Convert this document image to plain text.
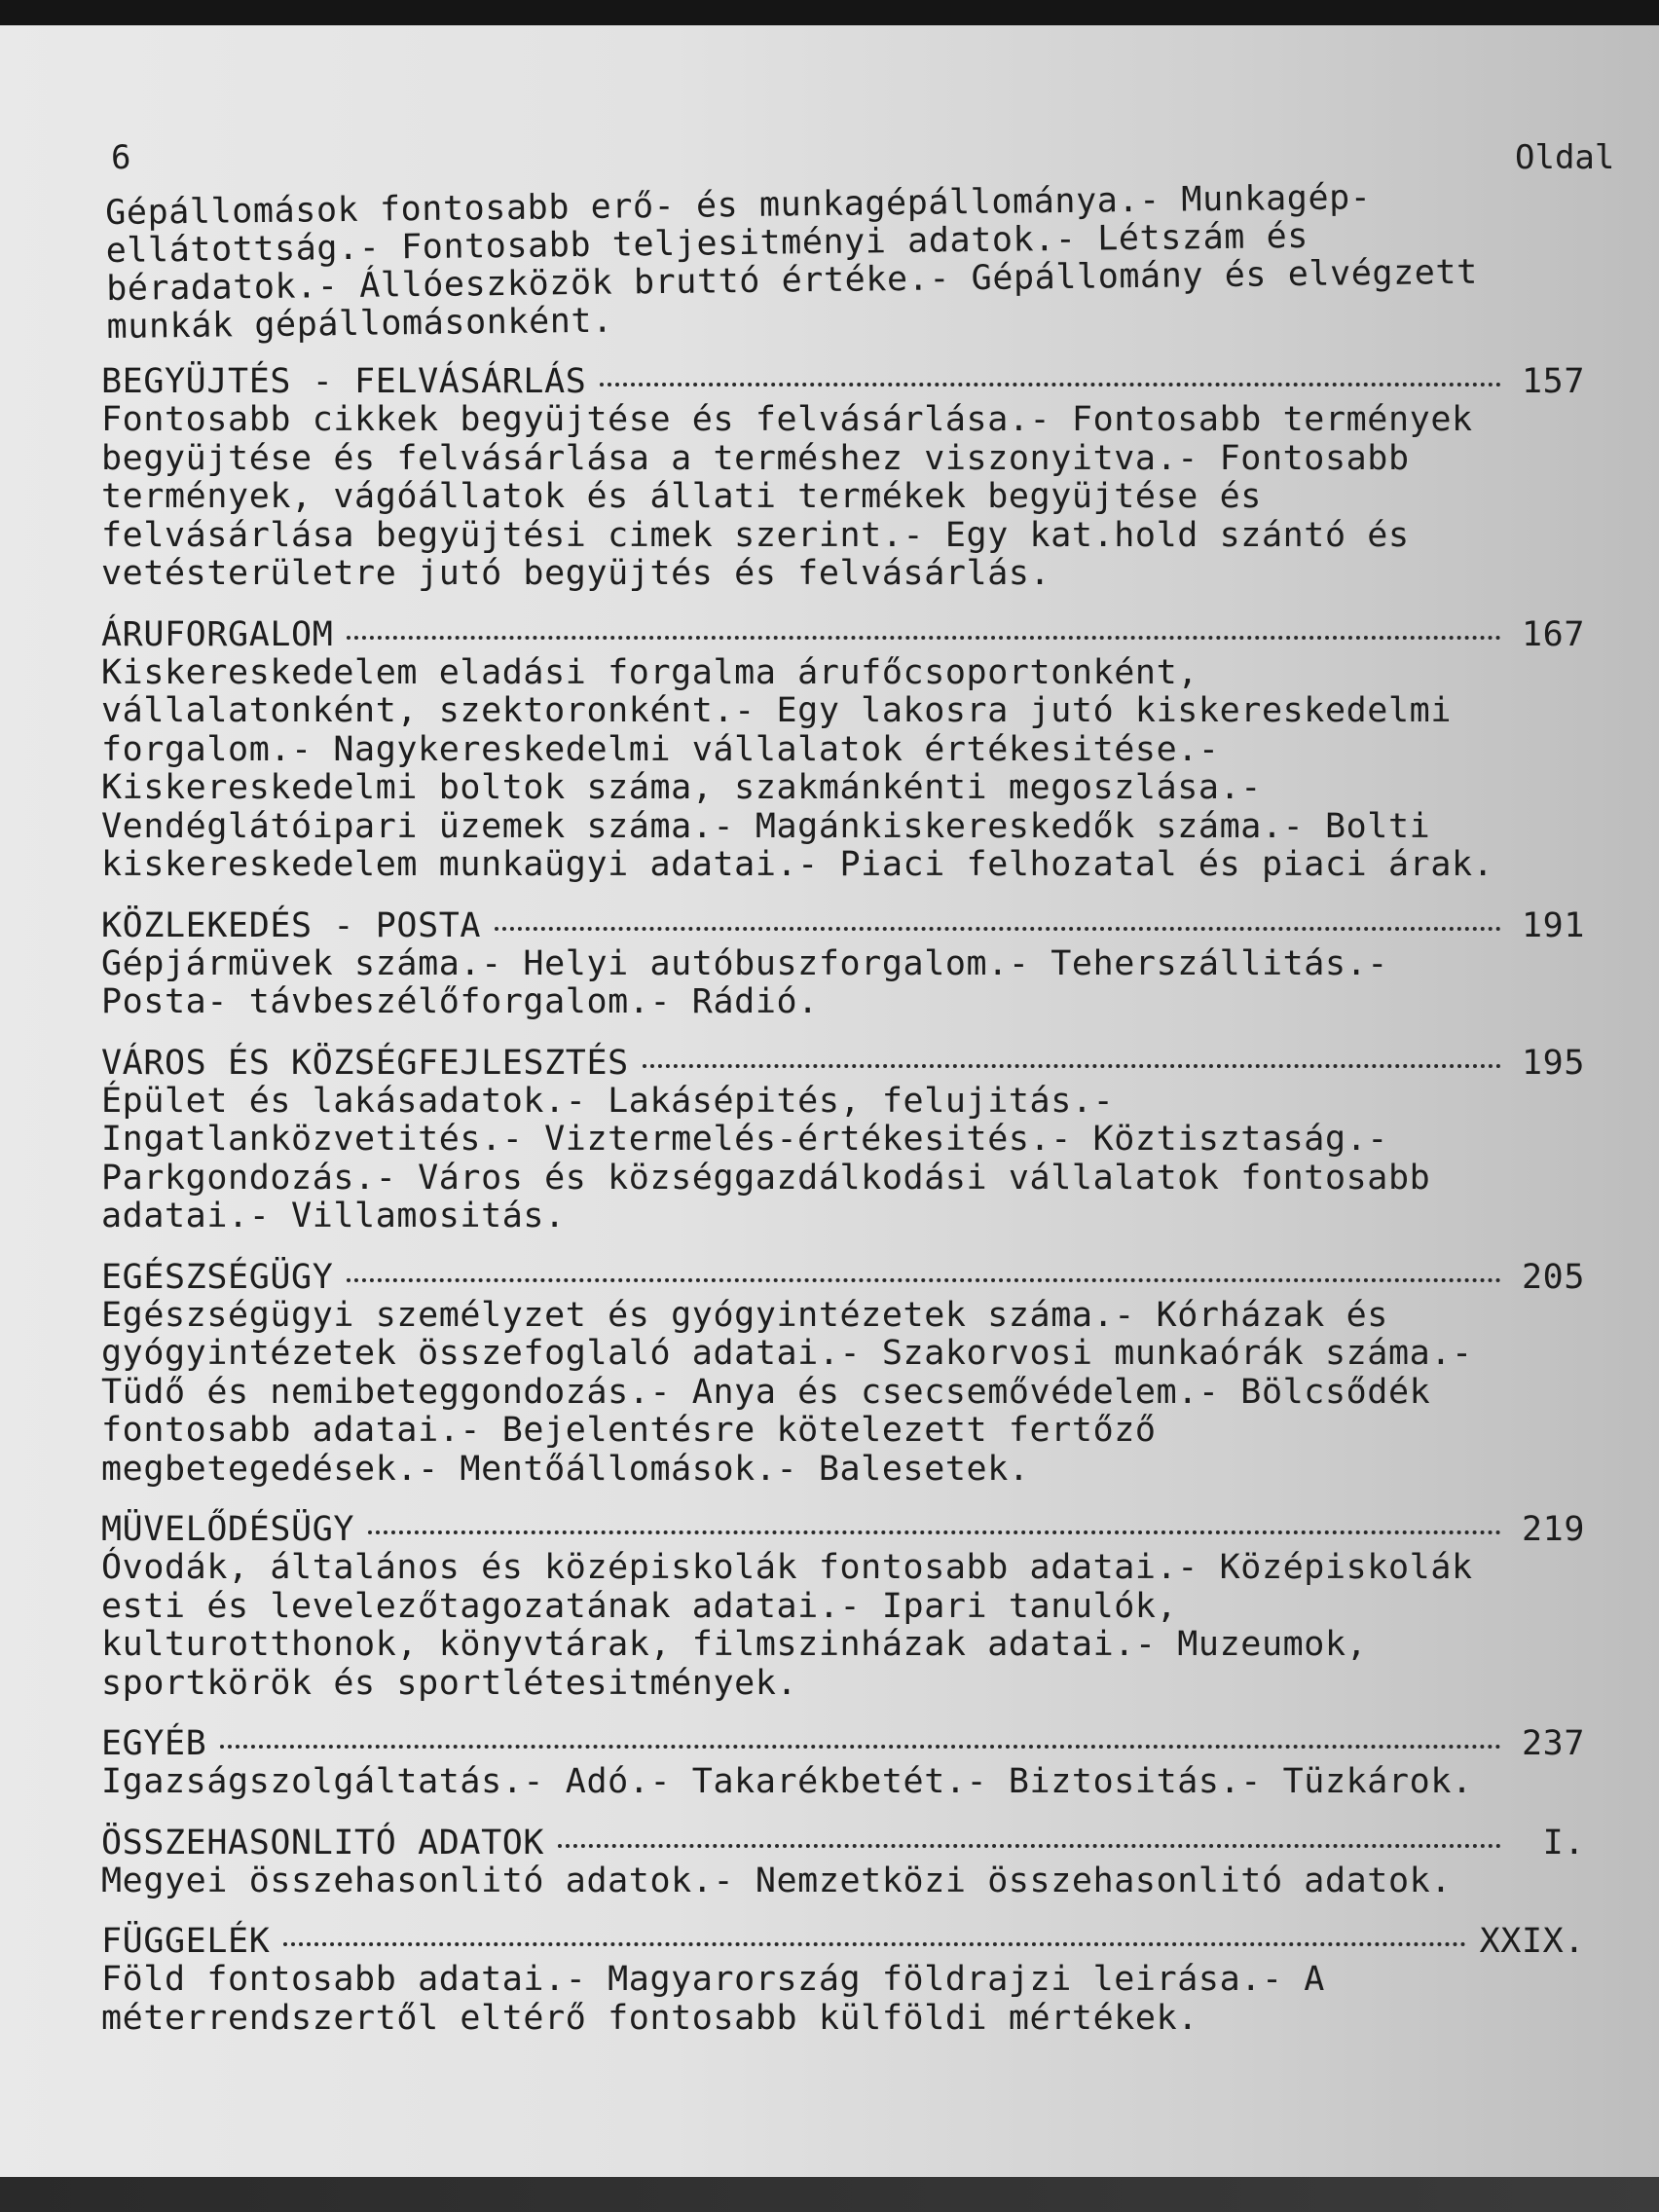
6	Oldal
Gépállomások fontosabb erő- és munkagépállománya.- Munkagép-ellátottság.- Fontosabb teljesitményi adatok.- Létszám és béradatok.- Állóeszközök bruttó értéke.- Gépállomány és elvégzett munkák gépállomásonként.
BEGYÜJTÉS - FELVÁSÁRLÁS	157
Fontosabb cikkek begyüjtése és felvásárlása.- Fontosabb termények begyüjtése és felvásárlása a terméshez viszonyitva.- Fontosabb termények, vágóállatok és állati termékek begyüjtése és felvásárlása begyüjtési cimek szerint.- Egy kat.hold szántó és vetésterületre jutó begyüjtés és felvásárlás.
ÁRUFORGALOM	167
Kiskereskedelem eladási forgalma árufőcsoportonként, vállalatonként, szektoronként.- Egy lakosra jutó kiskereskedelmi forgalom.- Nagykereskedelmi vállalatok értékesitése.- Kiskereskedelmi boltok száma, szakmánkénti megoszlása.- Vendéglátóipari üzemek száma.- Magánkiskereskedők száma.- Bolti kiskereskedelem munkaügyi adatai.- Piaci felhozatal és piaci árak.
KÖZLEKEDÉS - POSTA	191
Gépjármüvek száma.- Helyi autóbuszforgalom.- Teherszállitás.- Posta- távbeszélőforgalom.- Rádió.
VÁROS ÉS KÖZSÉGFEJLESZTÉS	195
Épület és lakásadatok.- Lakásépités, felujitás.- Ingatlanközvetités.- Viztermelés-értékesités.- Köztisztaság.- Parkgondozás.- Város és községgazdálkodási vállalatok fontosabb adatai.- Villamositás.
EGÉSZSÉGÜGY	205
Egészségügyi személyzet és gyógyintézetek száma.- Kórházak és gyógyintézetek összefoglaló adatai.- Szakorvosi munkaórák száma.- Tüdő és nemibeteggondozás.- Anya és csecsemővédelem.- Bölcsődék fontosabb adatai.- Bejelentésre kötelezett fertőző megbetegedések.- Mentőállomások.- Balesetek.
MÜVELŐDÉSÜGY	219
Óvodák, általános és középiskolák fontosabb adatai.- Középiskolák esti és levelezőtagozatának adatai.- Ipari tanulók, kulturotthonok, könyvtárak, filmszinházak adatai.- Muzeumok, sportkörök és sportlétesitmények.
EGYÉB	237
Igazságszolgáltatás.- Adó.- Takarékbetét.- Biztositás.- Tüzkárok.
ÖSSZEHASONLITÓ ADATOK	I.
Megyei összehasonlitó adatok.- Nemzetközi összehasonlitó adatok.
FÜGGELÉK	XXIX.
Föld fontosabb adatai.- Magyarország földrajzi leirása.- A méterrendszertől eltérő fontosabb külföldi mértékek.
